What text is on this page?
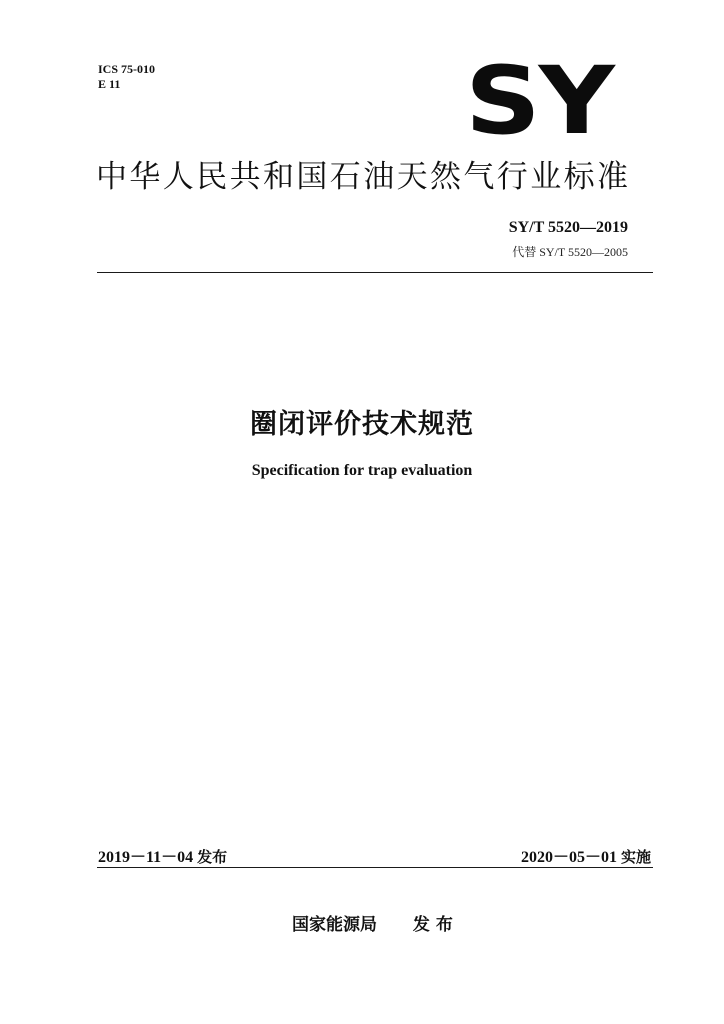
ICS 75-010
E 11	SY
中华人民共和国石油天然气行业标准
SY/T 5520—2019
代替 SY/T 5520—2005
圈闭评价技术规范
Specification for trap evaluation
2019－11－04 发布	2020－05－01 实施
国家能源局 发 布
